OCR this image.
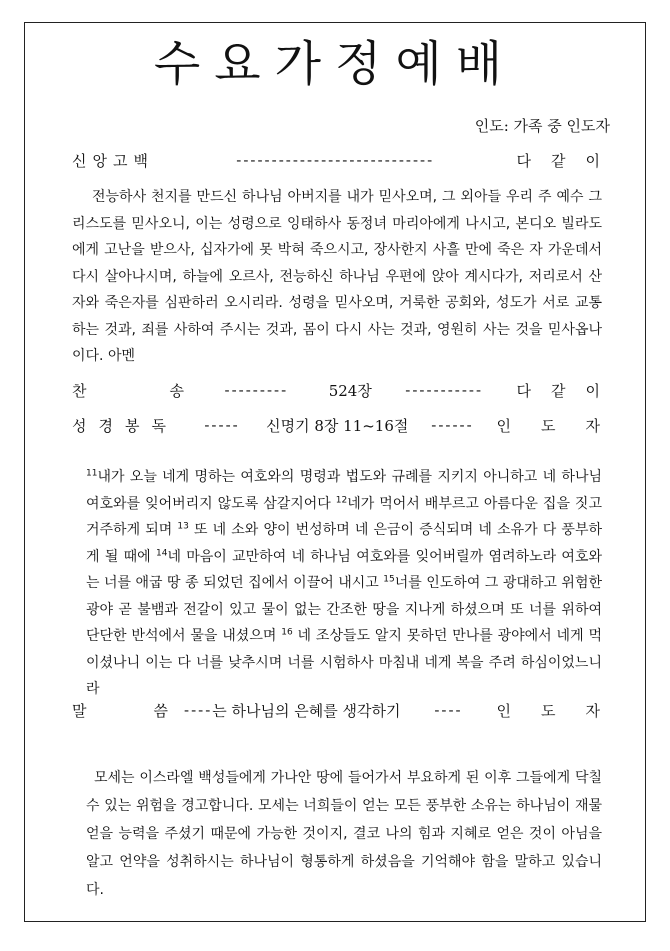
수요가정예배
인도: 가족 중 인도자
신앙고백	----------------------------	다같이
전능하사 천지를 만드신 하나님 아버지를 내가 믿사오며, 그 외아들 우리 주 예수 그리스도를 믿사오니, 이는 성령으로 잉태하사 동정녀 마리아에게 나시고, 본디오 빌라도에게 고난을 받으사, 십자가에 못 박혀 죽으시고, 장사한지 사흘 만에 죽은 자 가운데서 다시 살아나시며, 하늘에 오르사, 전능하신 하나님 우편에 앉아 계시다가, 저리로서 산 자와 죽은자를 심판하러 오시리라. 성령을 믿사오며, 거룩한 공회와, 성도가 서로 교통하는 것과, 죄를 사하여 주시는 것과, 몸이 다시 사는 것과, 영원히 사는 것을 믿사옵나이다. 아멘
찬	송	---------	524장	-----------	다같이
성경봉독	-----	신명기 8장 11~16절	------	인도자
$^{11}$내가 오늘 네게 명하는 여호와의 명령과 법도와 규례를 지키지 아니하고 네 하나님 여호와를 잊어버리지 않도록 삼갈지어다 $^{12}$네가 먹어서 배부르고 아름다운 집을 짓고 거주하게 되며 $^{13}$ 또 네 소와 양이 번성하며 네 은금이 증식되며 네 소유가 다 풍부하게 될 때에 $^{14}$네 마음이 교만하여 네 하나님 여호와를 잊어버릴까 염려하노라 여호와는 너를 애굽 땅 종 되었던 집에서 이끌어 내시고 $^{15}$너를 인도하여 그 광대하고 위험한 광야 곧 불뱀과 전갈이 있고 물이 없는 간조한 땅을 지나게 하셨으며 또 너를 위하여 단단한 반석에서 물을 내셨으며 $^{16}$ 네 조상들도 알지 못하던 만나를 광야에서 네게 먹이셨나니 이는 다 너를 낮추시며 너를 시험하사 마침내 네게 복을 주려 하심이었느니라
말	씀 ---- 는 하나님의 은혜를 생각하기	----	인도자
모세는 이스라엘 백성들에게 가나안 땅에 들어가서 부요하게 된 이후 그들에게 닥칠 수 있는 위험을 경고합니다. 모세는 너희들이 얻는 모든 풍부한 소유는 하나님이 재물 얻을 능력을 주셨기 때문에 가능한 것이지, 결코 나의 힘과 지혜로 얻은 것이 아님을 알고 언약을 성취하시는 하나님이 형통하게 하셨음을 기억해야 함을 말하고 있습니다.
